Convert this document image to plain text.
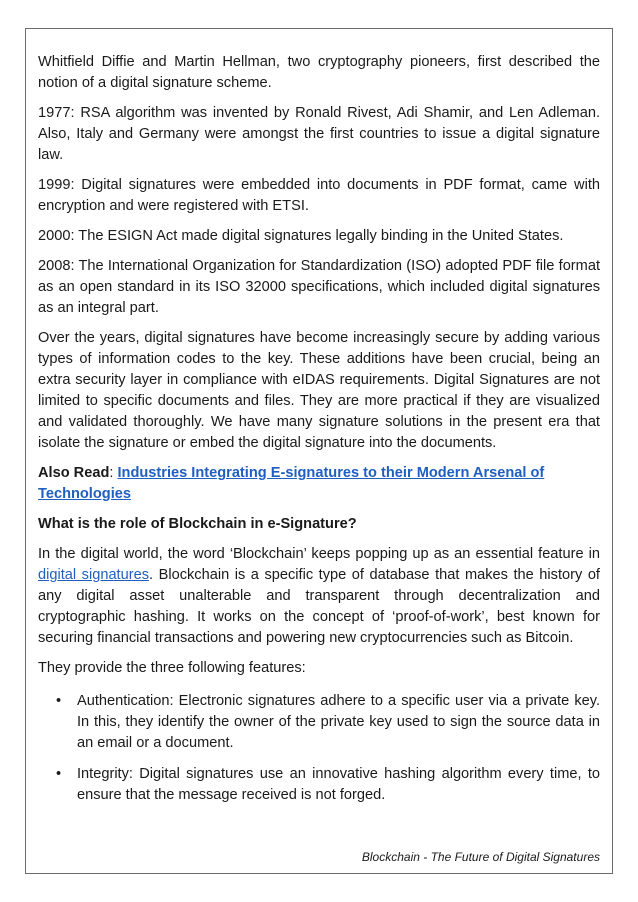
Whitfield Diffie and Martin Hellman, two cryptography pioneers, first described the notion of a digital signature scheme.

1977: RSA algorithm was invented by Ronald Rivest, Adi Shamir, and Len Adleman. Also, Italy and Germany were amongst the first countries to issue a digital signature law.

1999: Digital signatures were embedded into documents in PDF format, came with encryption and were registered with ETSI.

2000: The ESIGN Act made digital signatures legally binding in the United States.

2008: The International Organization for Standardization (ISO) adopted PDF file format as an open standard in its ISO 32000 specifications, which included digital signatures as an integral part.

Over the years, digital signatures have become increasingly secure by adding various types of information codes to the key. These additions have been crucial, being an extra security layer in compliance with eIDAS requirements. Digital Signatures are not limited to specific documents and files. They are more practical if they are visualized and validated thoroughly. We have many signature solutions in the present era that isolate the signature or embed the digital signature into the documents.

Also Read: Industries Integrating E-signatures to their Modern Arsenal of Technologies

What is the role of Blockchain in e-Signature?

In the digital world, the word ‘Blockchain’ keeps popping up as an essential feature in digital signatures. Blockchain is a specific type of database that makes the history of any digital asset unalterable and transparent through decentralization and cryptographic hashing. It works on the concept of ‘proof-of-work’, best known for securing financial transactions and powering new cryptocurrencies such as Bitcoin.

They provide the three following features:

• Authentication: Electronic signatures adhere to a specific user via a private key. In this, they identify the owner of the private key used to sign the source data in an email or a document.
• Integrity: Digital signatures use an innovative hashing algorithm every time, to ensure that the message received is not forged.
Blockchain - The Future of Digital Signatures
